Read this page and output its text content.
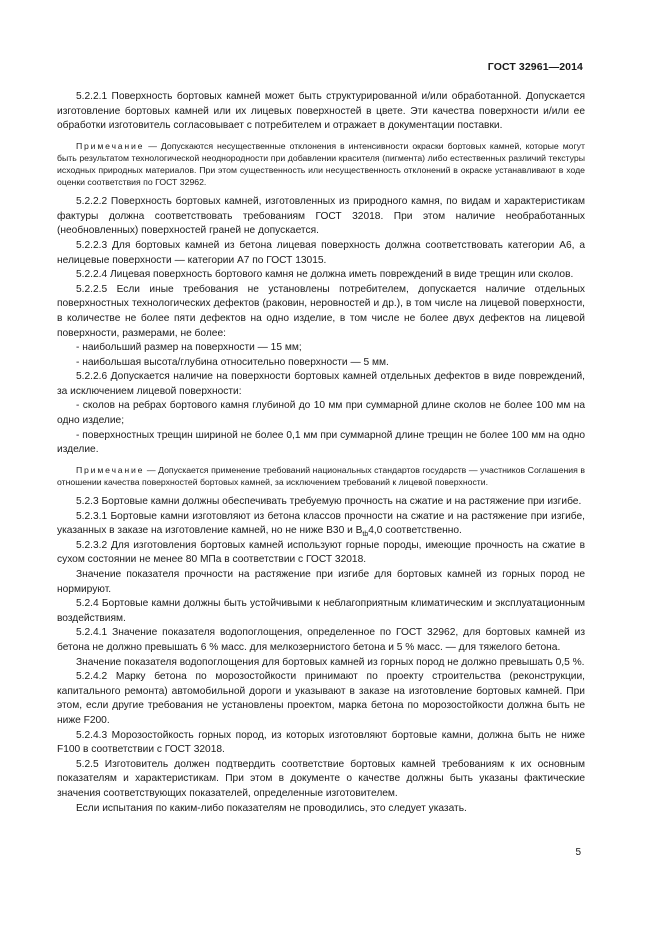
ГОСТ 32961—2014

5.2.2.1 Поверхность бортовых камней может быть структурированной и/или обработанной. Допускается изготовление бортовых камней или их лицевых поверхностей в цвете. Эти качества поверхности и/или ее обработки изготовитель согласовывает с потребителем и отражает в документации поставки.

Примечание — Допускаются несущественные отклонения в интенсивности окраски бортовых камней, которые могут быть результатом технологической неоднородности при добавлении красителя (пигмента) либо естественных различий текстуры исходных природных материалов. При этом существенность или несущественность отклонений в окраске устанавливают в ходе оценки соответствия по ГОСТ 32962.

5.2.2.2 Поверхность бортовых камней, изготовленных из природного камня, по видам и характеристикам фактуры должна соответствовать требованиям ГОСТ 32018. При этом наличие необработанных (необновленных) поверхностей граней не допускается.

5.2.2.3 Для бортовых камней из бетона лицевая поверхность должна соответствовать категории А6, а нелицевые поверхности — категории А7 по ГОСТ 13015.

5.2.2.4 Лицевая поверхность бортового камня не должна иметь повреждений в виде трещин или сколов.

5.2.2.5 Если иные требования не установлены потребителем, допускается наличие отдельных поверхностных технологических дефектов (раковин, неровностей и др.), в том числе на лицевой поверхности, в количестве не более пяти дефектов на одно изделие, в том числе не более двух дефектов на лицевой поверхности, размерами, не более:

- наибольший размер на поверхности — 15 мм;

- наибольшая высота/глубина относительно поверхности — 5 мм.

5.2.2.6 Допускается наличие на поверхности бортовых камней отдельных дефектов в виде повреждений, за исключением лицевой поверхности:

- сколов на ребрах бортового камня глубиной до 10 мм при суммарной длине сколов не более 100 мм на одно изделие;

- поверхностных трещин шириной не более 0,1 мм при суммарной длине трещин не более 100 мм на одно изделие.

Примечание — Допускается применение требований национальных стандартов государств — участников Соглашения в отношении качества поверхностей бортовых камней, за исключением требований к лицевой поверхности.

5.2.3 Бортовые камни должны обеспечивать требуемую прочность на сжатие и на растяжение при изгибе.

5.2.3.1 Бортовые камни изготовляют из бетона классов прочности на сжатие и на растяжение при изгибе, указанных в заказе на изготовление камней, но не ниже В30 и $В_{tb}4,0$ соответственно.

5.2.3.2 Для изготовления бортовых камней используют горные породы, имеющие прочность на сжатие в сухом состоянии не менее 80 МПа в соответствии с ГОСТ 32018.

Значение показателя прочности на растяжение при изгибе для бортовых камней из горных пород не нормируют.

5.2.4 Бортовые камни должны быть устойчивыми к неблагоприятным климатическим и эксплуатационным воздействиям.

5.2.4.1 Значение показателя водопоглощения, определенное по ГОСТ 32962, для бортовых камней из бетона не должно превышать 6 % масс. для мелкозернистого бетона и 5 % масс. — для тяжелого бетона.

Значение показателя водопоглощения для бортовых камней из горных пород не должно превышать 0,5 %.

5.2.4.2 Марку бетона по морозостойкости принимают по проекту строительства (реконструкции, капитального ремонта) автомобильной дороги и указывают в заказе на изготовление бортовых камней. При этом, если другие требования не установлены проектом, марка бетона по морозостойкости должна быть не ниже F200.

5.2.4.3 Морозостойкость горных пород, из которых изготовляют бортовые камни, должна быть не ниже F100 в соответствии с ГОСТ 32018.

5.2.5 Изготовитель должен подтвердить соответствие бортовых камней требованиям к их основным показателям и характеристикам. При этом в документе о качестве должны быть указаны фактические значения соответствующих показателей, определенные изготовителем.

Если испытания по каким-либо показателям не проводились, это следует указать.

5
